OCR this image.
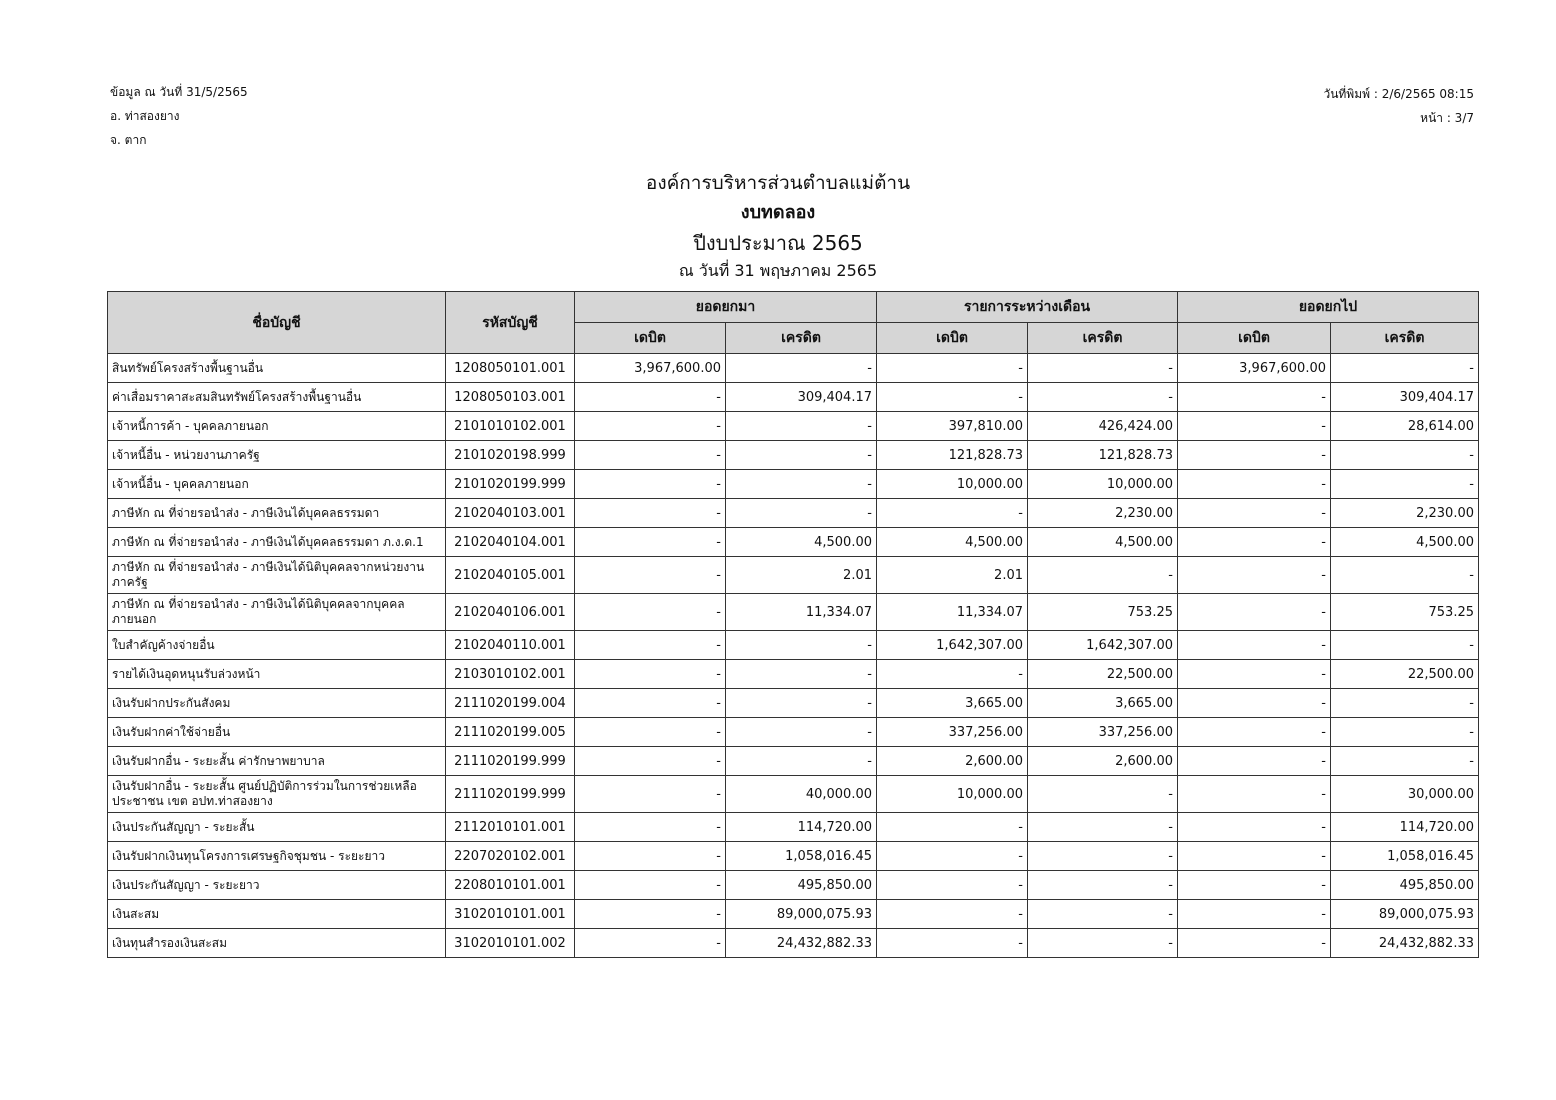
ข้อมูล ณ วันที่ 31/5/2565
อ. ท่าสองยาง
จ. ตาก
วันที่พิมพ์ : 2/6/2565 08:15
หน้า : 3/7
องค์การบริหารส่วนตำบลแม่ต้าน
งบทดลอง
ปีงบประมาณ 2565
ณ วันที่ 31 พฤษภาคม 2565
ชื่อบัญชี	รหัสบัญชี	ยอดยกมา		รายการระหว่างเดือน		ยอดยกไป	
		เดบิต	เครดิต	เดบิต	เครดิต	เดบิต	เครดิต
สินทรัพย์โครงสร้างพื้นฐานอื่น	1208050101.001	3,967,600.00	-	-	-	3,967,600.00	-
ค่าเสื่อมราคาสะสมสินทรัพย์โครงสร้างพื้นฐานอื่น	1208050103.001	-	309,404.17	-	-	-	309,404.17
เจ้าหนี้การค้า - บุคคลภายนอก	2101010102.001	-	-	397,810.00	426,424.00	-	28,614.00
เจ้าหนี้อื่น - หน่วยงานภาครัฐ	2101020198.999	-	-	121,828.73	121,828.73	-	-
เจ้าหนี้อื่น - บุคคลภายนอก	2101020199.999	-	-	10,000.00	10,000.00	-	-
ภาษีหัก ณ ที่จ่ายรอนำส่ง - ภาษีเงินได้บุคคลธรรมดา	2102040103.001	-	-	-	2,230.00	-	2,230.00
ภาษีหัก ณ ที่จ่ายรอนำส่ง - ภาษีเงินได้บุคคลธรรมดา ภ.ง.ด.1	2102040104.001	-	4,500.00	4,500.00	4,500.00	-	4,500.00
ภาษีหัก ณ ที่จ่ายรอนำส่ง - ภาษีเงินได้นิติบุคคลจากหน่วยงานภาครัฐ	2102040105.001	-	2.01	2.01	-	-	-
ภาษีหัก ณ ที่จ่ายรอนำส่ง - ภาษีเงินได้นิติบุคคลจากบุคคลภายนอก	2102040106.001	-	11,334.07	11,334.07	753.25	-	753.25
ใบสำคัญค้างจ่ายอื่น	2102040110.001	-	-	1,642,307.00	1,642,307.00	-	-
รายได้เงินอุดหนุนรับล่วงหน้า	2103010102.001	-	-	-	22,500.00	-	22,500.00
เงินรับฝากประกันสังคม	2111020199.004	-	-	3,665.00	3,665.00	-	-
เงินรับฝากค่าใช้จ่ายอื่น	2111020199.005	-	-	337,256.00	337,256.00	-	-
เงินรับฝากอื่น - ระยะสั้น ค่ารักษาพยาบาล	2111020199.999	-	-	2,600.00	2,600.00	-	-
เงินรับฝากอื่น - ระยะสั้น ศูนย์ปฏิบัติการร่วมในการช่วยเหลือประชาชน เขต อปท.ท่าสองยาง	2111020199.999	-	40,000.00	10,000.00	-	-	30,000.00
เงินประกันสัญญา - ระยะสั้น	2112010101.001	-	114,720.00	-	-	-	114,720.00
เงินรับฝากเงินทุนโครงการเศรษฐกิจชุมชน - ระยะยาว	2207020102.001	-	1,058,016.45	-	-	-	1,058,016.45
เงินประกันสัญญา - ระยะยาว	2208010101.001	-	495,850.00	-	-	-	495,850.00
เงินสะสม	3102010101.001	-	89,000,075.93	-	-	-	89,000,075.93
เงินทุนสำรองเงินสะสม	3102010101.002	-	24,432,882.33	-	-	-	24,432,882.33
